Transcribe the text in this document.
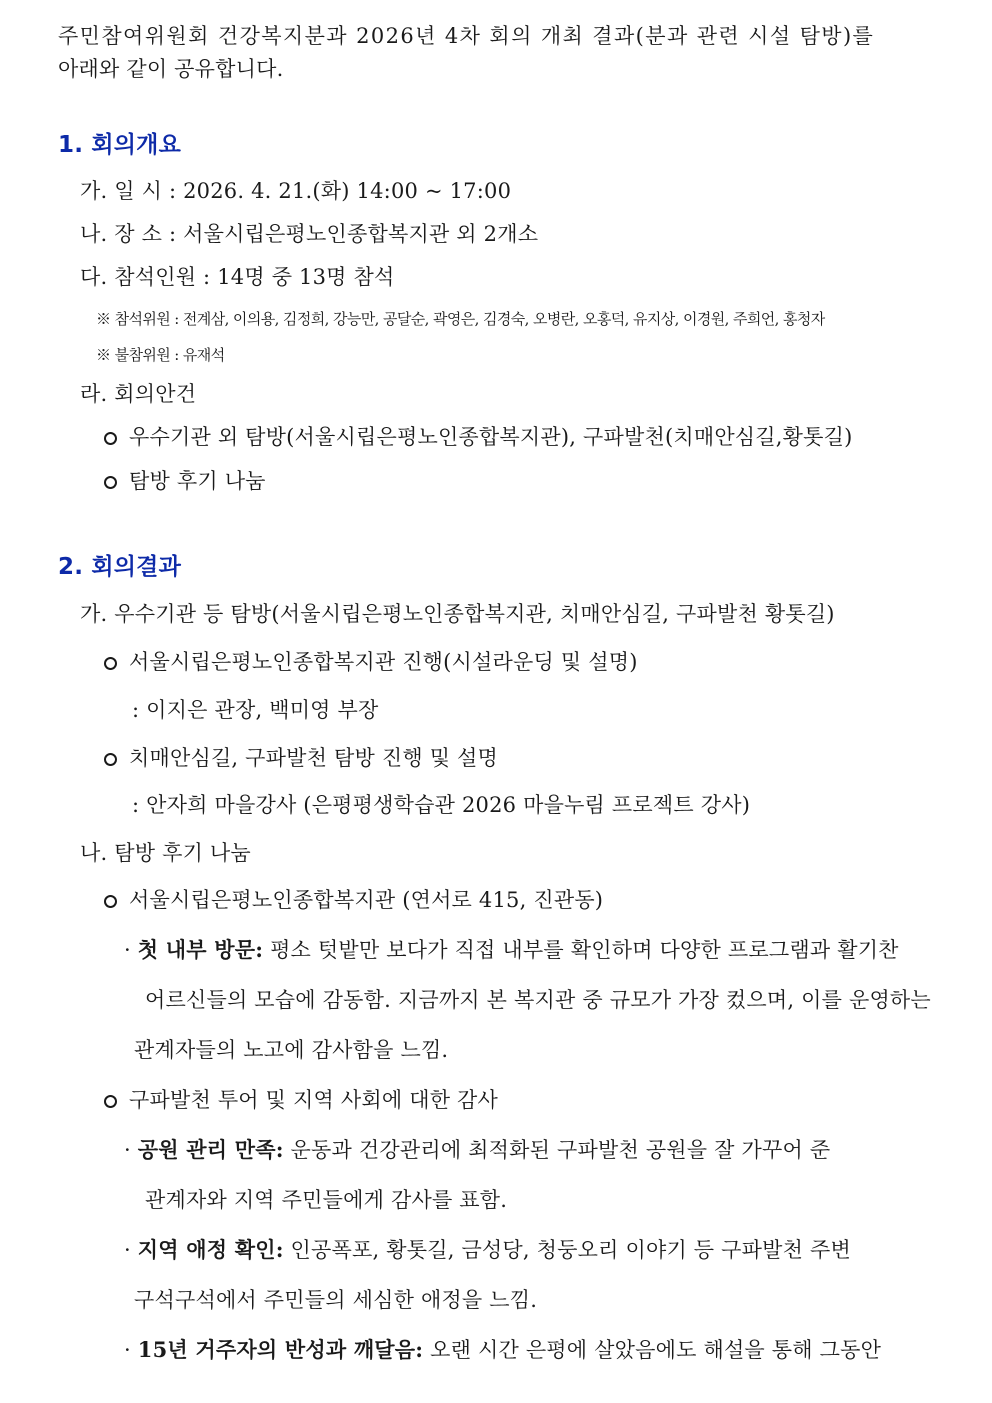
주민참여위원회 건강복지분과 2026년 4차 회의 개최 결과(분과 관련 시설 탐방)를
아래와 같이 공유합니다.
1. 회의개요
가. 일 시 : 2026. 4. 21.(화) 14:00 ~ 17:00
나. 장 소 : 서울시립은평노인종합복지관 외 2개소
다. 참석인원 : 14명 중 13명 참석
※ 참석위원 : 전계삼, 이의용, 김정희, 강능만, 공달순, 곽영은, 김경숙, 오병란, 오홍덕, 유지상, 이경원, 주희언, 홍청자
※ 불참위원 : 유재석
라. 회의안건
우수기관 외 탐방(서울시립은평노인종합복지관), 구파발천(치매안심길,황톳길)
탐방 후기 나눔
2. 회의결과
가. 우수기관 등 탐방(서울시립은평노인종합복지관, 치매안심길, 구파발천 황톳길)
서울시립은평노인종합복지관 진행(시설라운딩 및 설명)
: 이지은 관장, 백미영 부장
치매안심길, 구파발천 탐방 진행 및 설명
: 안자희 마을강사 (은평평생학습관 2026 마을누림 프로젝트 강사)
나. 탐방 후기 나눔
서울시립은평노인종합복지관 (연서로 415, 진관동)
· 첫 내부 방문: 평소 텃밭만 보다가 직접 내부를 확인하며 다양한 프로그램과 활기찬
어르신들의 모습에 감동함. 지금까지 본 복지관 중 규모가 가장 컸으며, 이를 운영하는
관계자들의 노고에 감사함을 느낌.
구파발천 투어 및 지역 사회에 대한 감사
· 공원 관리 만족: 운동과 건강관리에 최적화된 구파발천 공원을 잘 가꾸어 준
관계자와 지역 주민들에게 감사를 표함.
· 지역 애정 확인: 인공폭포, 황톳길, 금성당, 청둥오리 이야기 등 구파발천 주변
구석구석에서 주민들의 세심한 애정을 느낌.
· 15년 거주자의 반성과 깨달음: 오랜 시간 은평에 살았음에도 해설을 통해 그동안
